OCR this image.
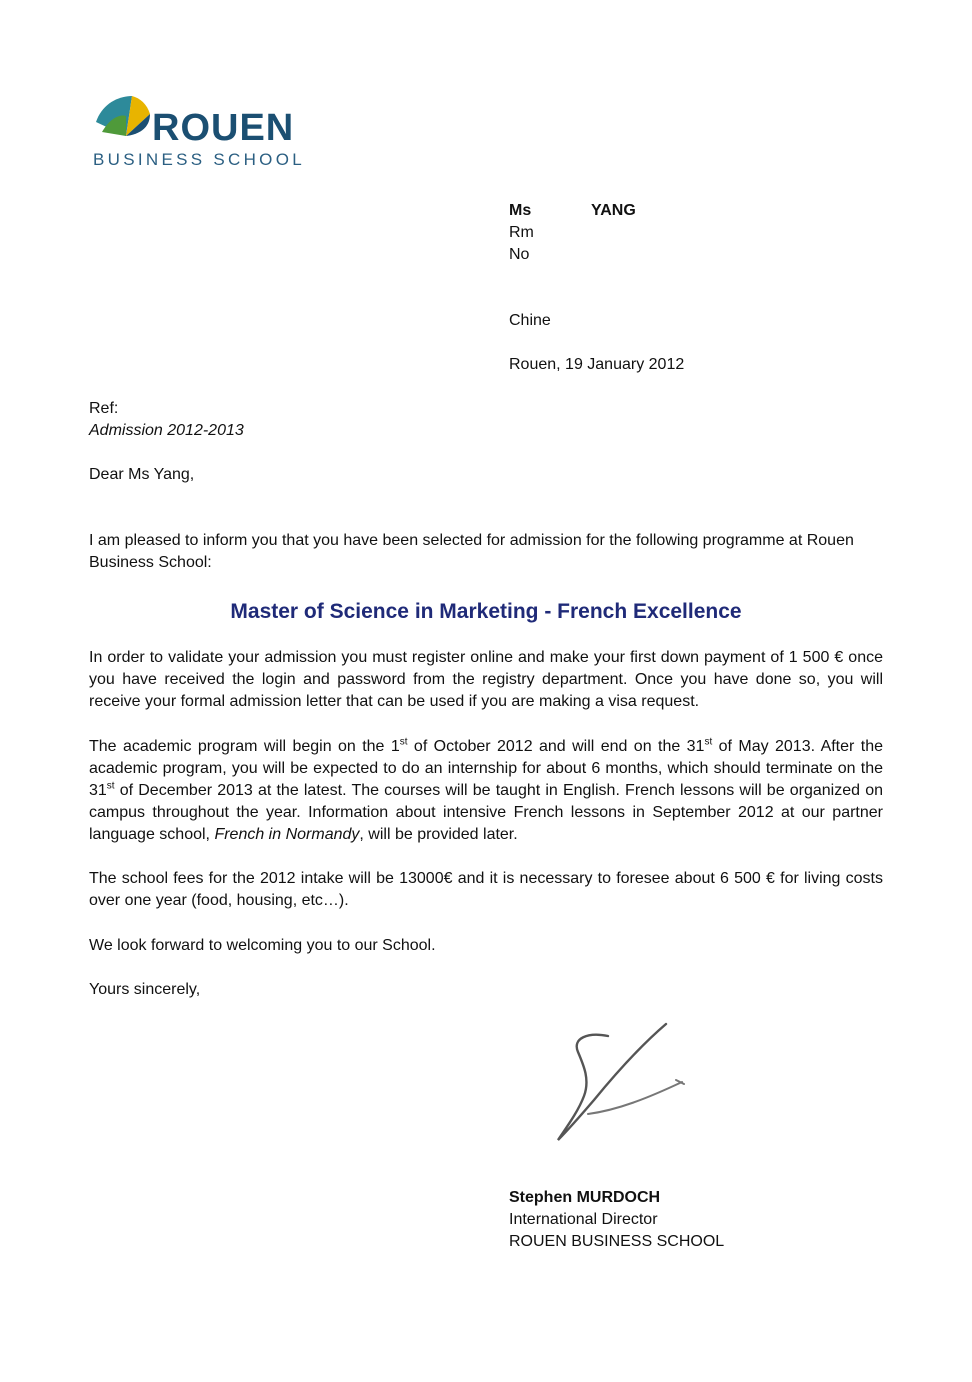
ROUEN
BUSINESS SCHOOL
Ms	YANG
Rm
No
Chine
Rouen, 19 January 2012
Ref:
Admission 2012-2013
Dear Ms Yang,
I am pleased to inform you that you have been selected for admission for the following programme at Rouen Business School:
Master of Science in Marketing - French Excellence
In order to validate your admission you must register online and make your first down payment of 1 500 € once you have received the login and password from the registry department. Once you have done so, you will receive your formal admission letter that can be used if you are making a visa request.
The academic program will begin on the 1st of October 2012 and will end on the 31st of May 2013. After the academic program, you will be expected to do an internship for about 6 months, which should terminate on the 31st of December 2013 at the latest. The courses will be taught in English. French lessons will be organized on campus throughout the year. Information about intensive French lessons in September 2012 at our partner language school, French in Normandy, will be provided later.
The school fees for the 2012 intake will be 13000€ and it is necessary to foresee about 6 500 € for living costs over one year (food, housing, etc…).
We look forward to welcoming you to our School.
Yours sincerely,
Stephen MURDOCH
International Director
ROUEN BUSINESS SCHOOL
